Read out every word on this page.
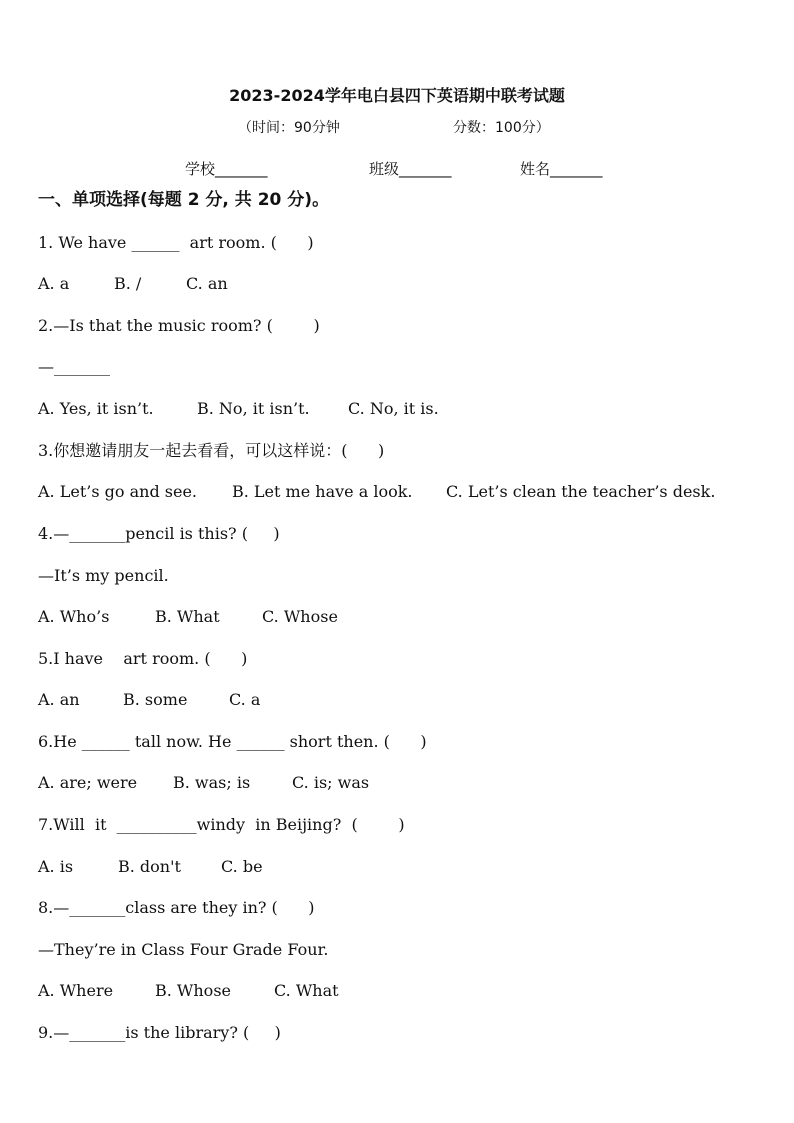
2023-2024学年电白县四下英语期中联考试题
（时间：90分钟	分数：100分）
学校_______	班级_______	姓名_______
一、单项选择(每题 2 分, 共 20 分)。
1. We have ______  art room. (      )
A. a	B. /	C. an
2.—Is that the music room? (        )
—_______
A. Yes, it isn’t.	B. No, it isn’t. C. No, it is.
3.你想邀请朋友一起去看看，可以这样说：(      )
A. Let’s go and see. B. Let me have a look. C. Let’s clean the teacher’s desk.
4.—_______pencil is this? (     )
—It’s my pencil.
A. Who’s	B. What	C. Whose
5.I have    art room. (      )
A. an	B. some	C. a
6.He ______ tall now. He ______ short then. (      )
A. are; were B. was; is	C. is; was
7.Will  it  __________windy  in Beijing?  (        )
A. is	B. don't	C. be
8.—_______class are they in? (      )
—They’re in Class Four Grade Four.
A. Where	B. Whose	C. What
9.—_______is the library? (     )
